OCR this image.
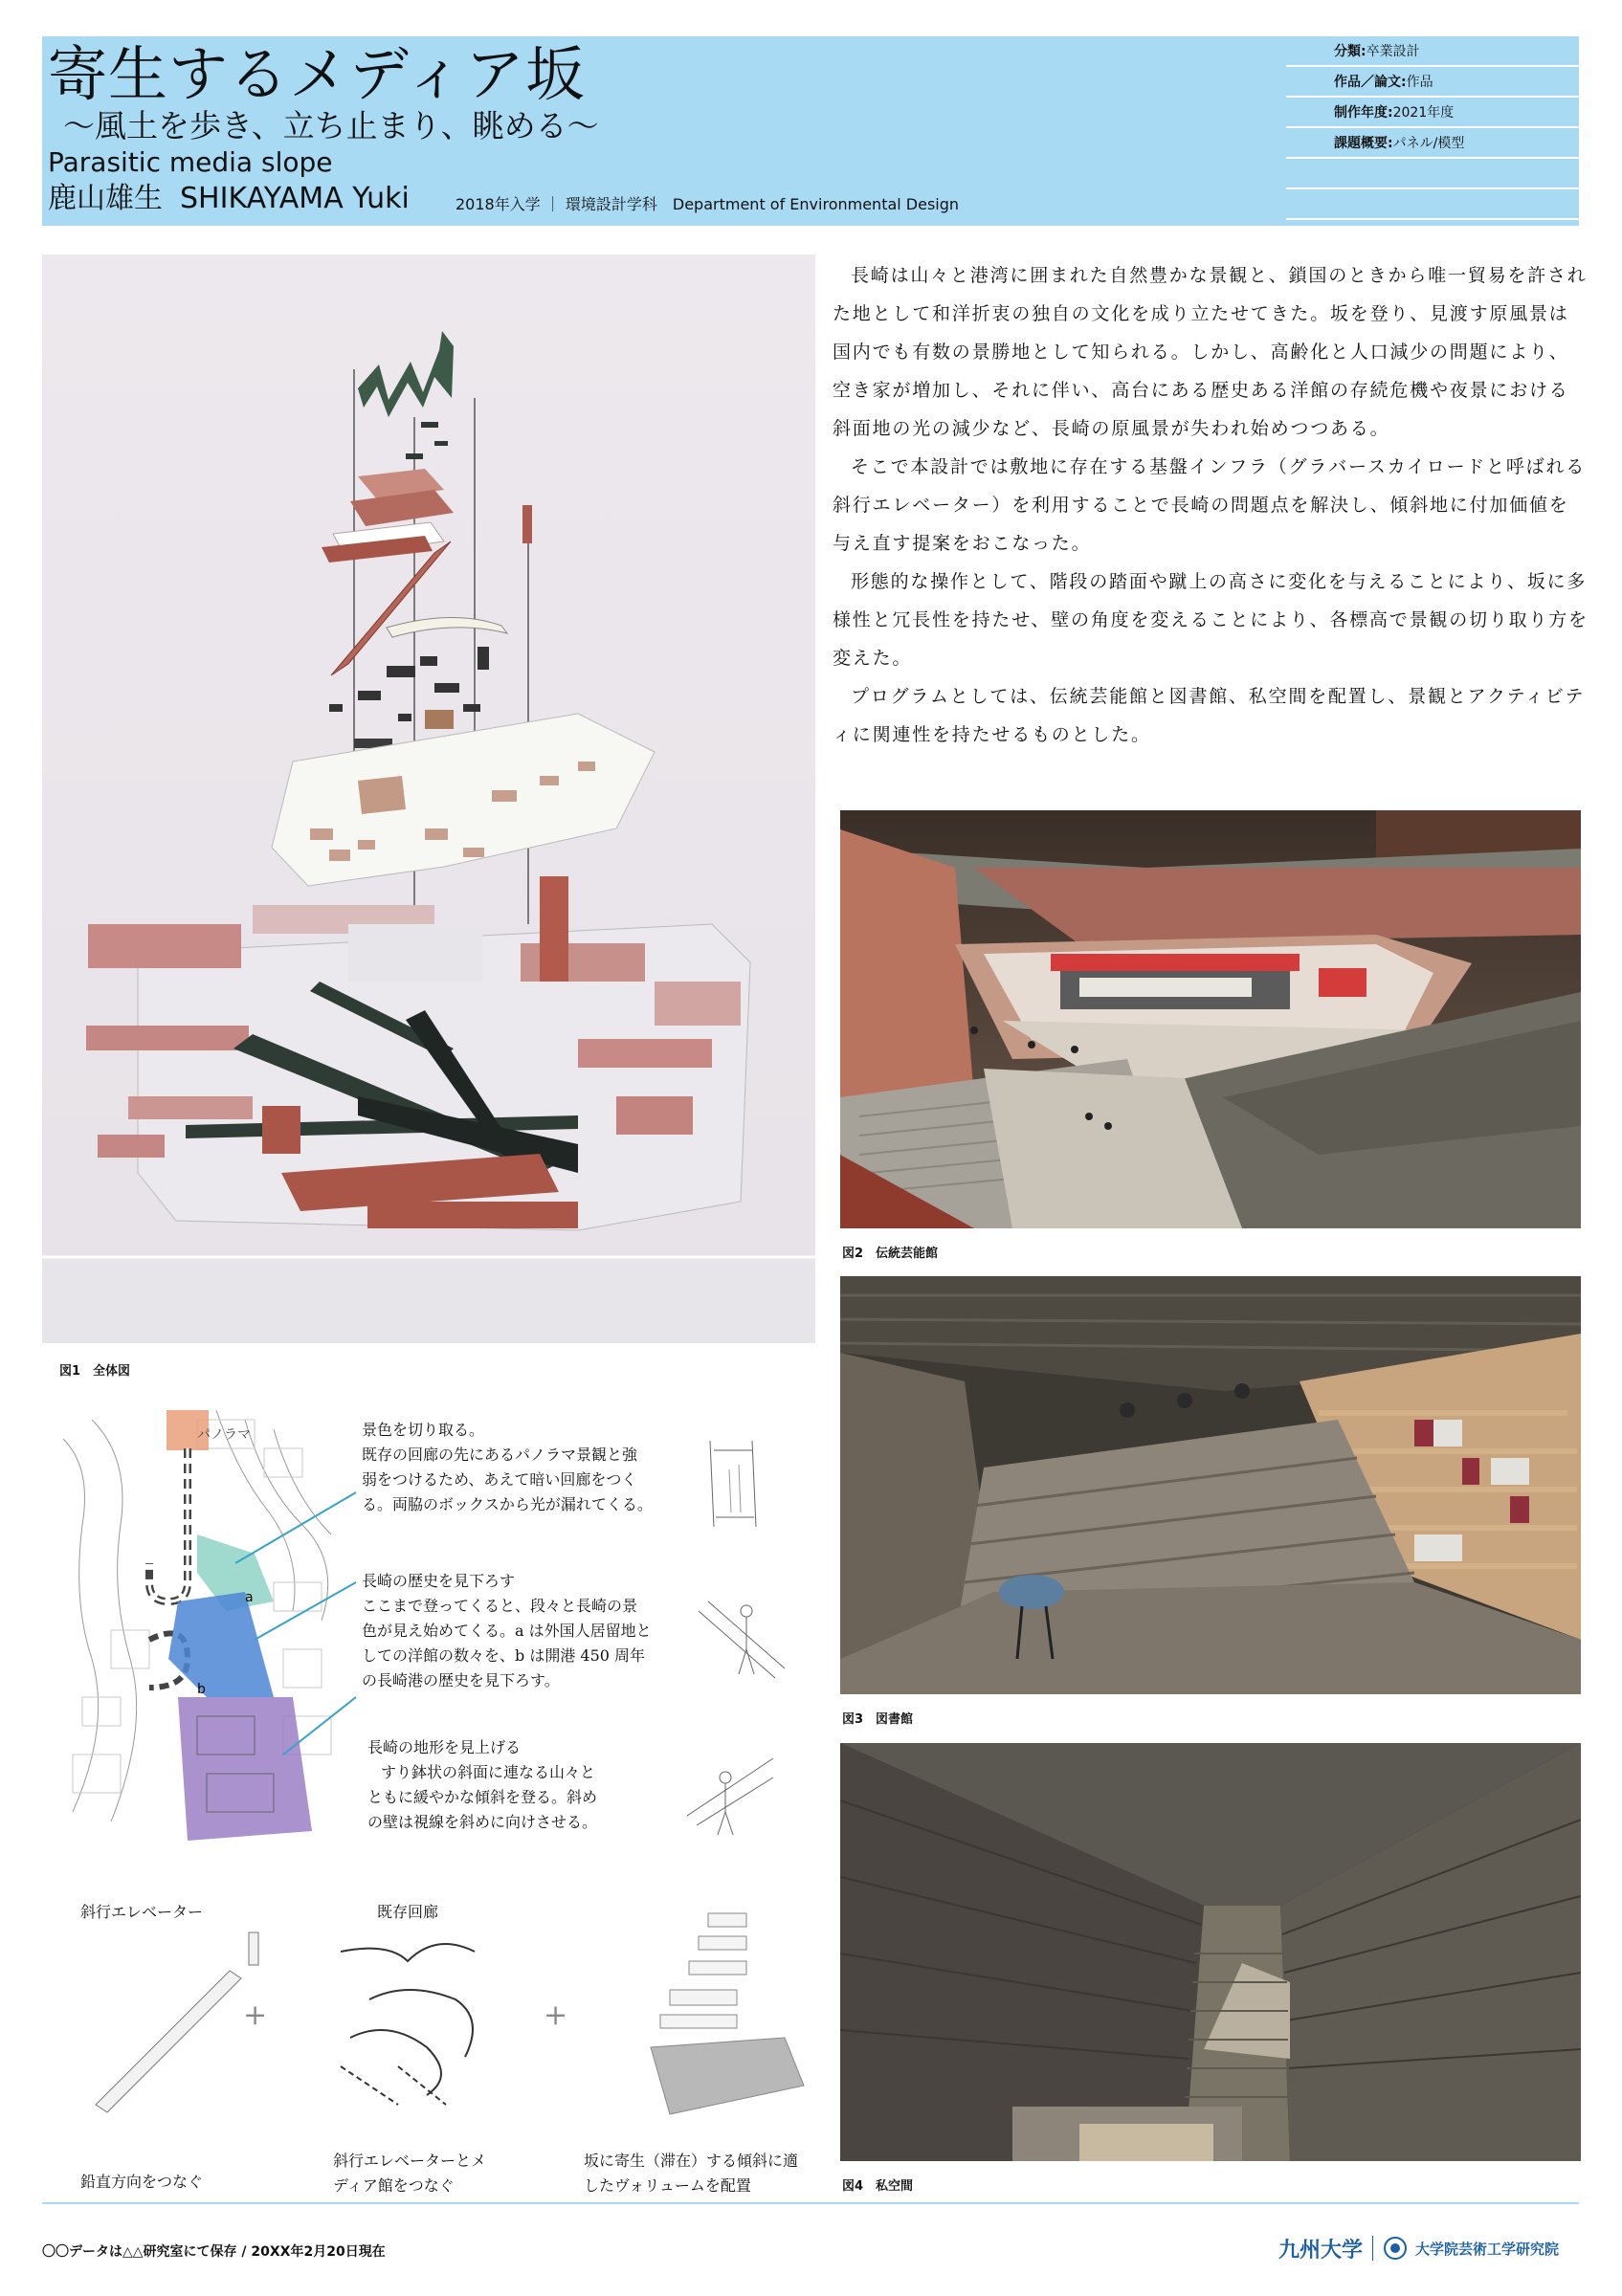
寄生するメディア坂
〜風土を歩き、立ち止まり、眺める〜
Parasitic media slope
鹿山雄生 SHIKAYAMA Yuki	2018年入学 ｜ 環境設計学科　Department of Environmental Design
分類:卒業設計
作品／論文:作品
制作年度:2021年度
課題概要:パネル/模型
図1　全体図

長崎は山々と港湾に囲まれた自然豊かな景観と、鎖国のときから唯一貿易を許された地として和洋折衷の独自の文化を成り立たせてきた。坂を登り、見渡す原風景は国内でも有数の景勝地として知られる。しかし、高齢化と人口減少の問題により、空き家が増加し、それに伴い、高台にある歴史ある洋館の存続危機や夜景における斜面地の光の減少など、長崎の原風景が失われ始めつつある。

そこで本設計では敷地に存在する基盤インフラ（グラバースカイロードと呼ばれる斜行エレベーター）を利用することで長崎の問題点を解決し、傾斜地に付加価値を与え直す提案をおこなった。

形態的な操作として、階段の踏面や蹴上の高さに変化を与えることにより、坂に多様性と冗長性を持たせ、壁の角度を変えることにより、各標高で景観の切り取り方を変えた。

プログラムとしては、伝統芸能館と図書館、私空間を配置し、景観とアクティビティに関連性を持たせるものとした。

図2　伝統芸能館
図3　図書館
図4　私空間
パノラマ
a
b
景色を切り取る。
既存の回廊の先にあるパノラマ景観と強
弱をつけるため、あえて暗い回廊をつく
る。両脇のボックスから光が漏れてくる。
長崎の歴史を見下ろす
ここまで登ってくると、段々と長崎の景
色が見え始めてくる。a は外国人居留地と
しての洋館の数々を、b は開港 450 周年
の長崎港の歴史を見下ろす。
長崎の地形を見上げる
すり鉢状の斜面に連なる山々と
ともに緩やかな傾斜を登る。斜め
の壁は視線を斜めに向けさせる。
斜行エレベーター	既存回廊
+	+
鉛直方向をつなぐ
斜行エレベーターとメ
ディア館をつなぐ
坂に寄生（滞在）する傾斜に適
したヴォリュームを配置
〇〇データは△△研究室にて保存 / 20XX年2月20日現在	九州大学	大学院芸術工学研究院
